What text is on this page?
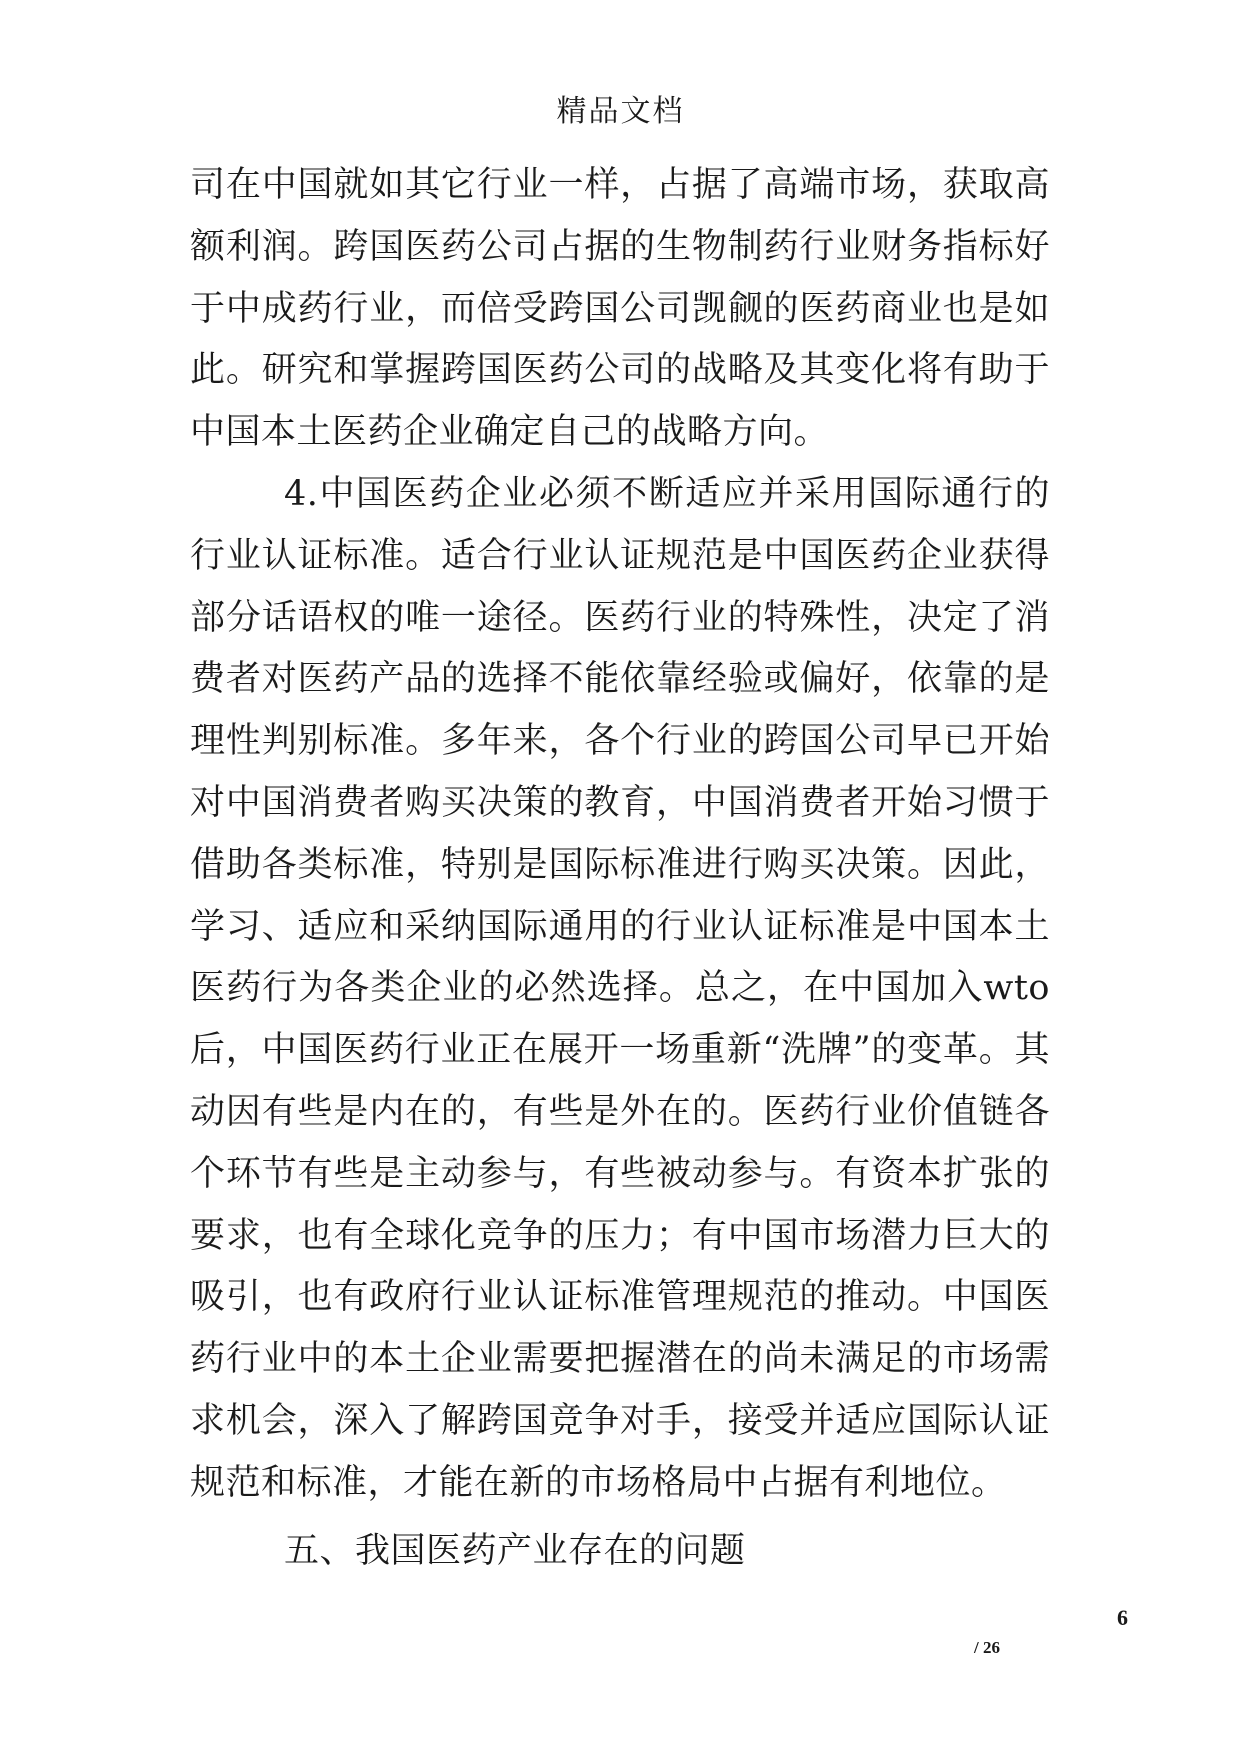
精品文档

司在中国就如其它行业一样，占据了高端市场，获取高额利润。跨国医药公司占据的生物制药行业财务指标好于中成药行业，而倍受跨国公司觊觎的医药商业也是如此。研究和掌握跨国医药公司的战略及其变化将有助于中国本土医药企业确定自己的战略方向。

4.中国医药企业必须不断适应并采用国际通行的行业认证标准。适合行业认证规范是中国医药企业获得部分话语权的唯一途径。医药行业的特殊性，决定了消费者对医药产品的选择不能依靠经验或偏好，依靠的是理性判别标准。多年来，各个行业的跨国公司早已开始对中国消费者购买决策的教育，中国消费者开始习惯于借助各类标准，特别是国际标准进行购买决策。因此，学习、适应和采纳国际通用的行业认证标准是中国本土医药行为各类企业的必然选择。总之，在中国加入wto后，中国医药行业正在展开一场重新“洗牌”的变革。其动因有些是内在的，有些是外在的。医药行业价值链各个环节有些是主动参与，有些被动参与。有资本扩张的要求，也有全球化竞争的压力；有中国市场潜力巨大的吸引，也有政府行业认证标准管理规范的推动。中国医药行业中的本土企业需要把握潜在的尚未满足的市场需求机会，深入了解跨国竞争对手，接受并适应国际认证规范和标准，才能在新的市场格局中占据有利地位。

五、我国医药产业存在的问题

6
/ 26
